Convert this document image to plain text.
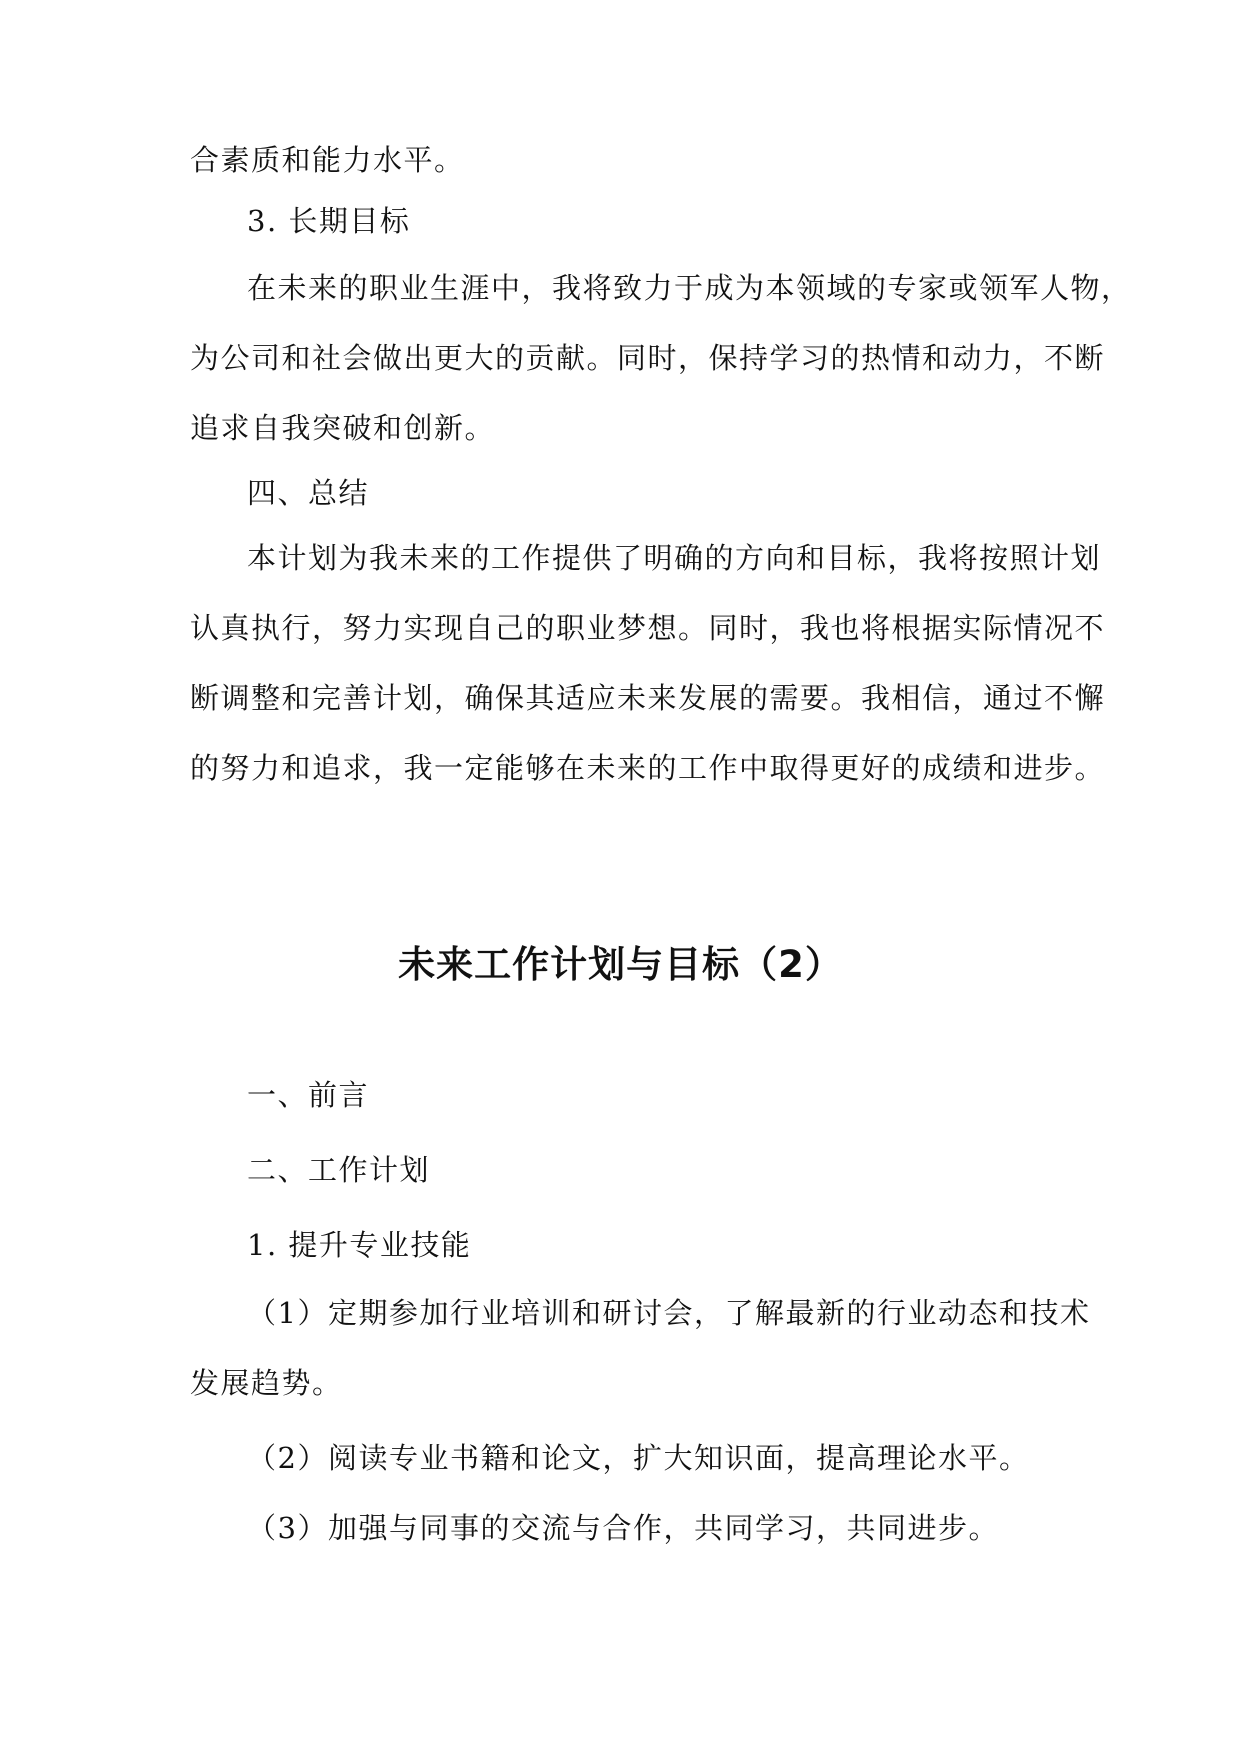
合素质和能力水平。
3. 长期目标
在未来的职业生涯中，我将致力于成为本领域的专家或领军人物，
为公司和社会做出更大的贡献。同时，保持学习的热情和动力，不断
追求自我突破和创新。
四、总结
本计划为我未来的工作提供了明确的方向和目标，我将按照计划
认真执行，努力实现自己的职业梦想。同时，我也将根据实际情况不
断调整和完善计划，确保其适应未来发展的需要。我相信，通过不懈
的努力和追求，我一定能够在未来的工作中取得更好的成绩和进步。
未来工作计划与目标（2）
一、前言
二、工作计划
1. 提升专业技能
（1）定期参加行业培训和研讨会，了解最新的行业动态和技术
发展趋势。
（2）阅读专业书籍和论文，扩大知识面，提高理论水平。
（3）加强与同事的交流与合作，共同学习，共同进步。
